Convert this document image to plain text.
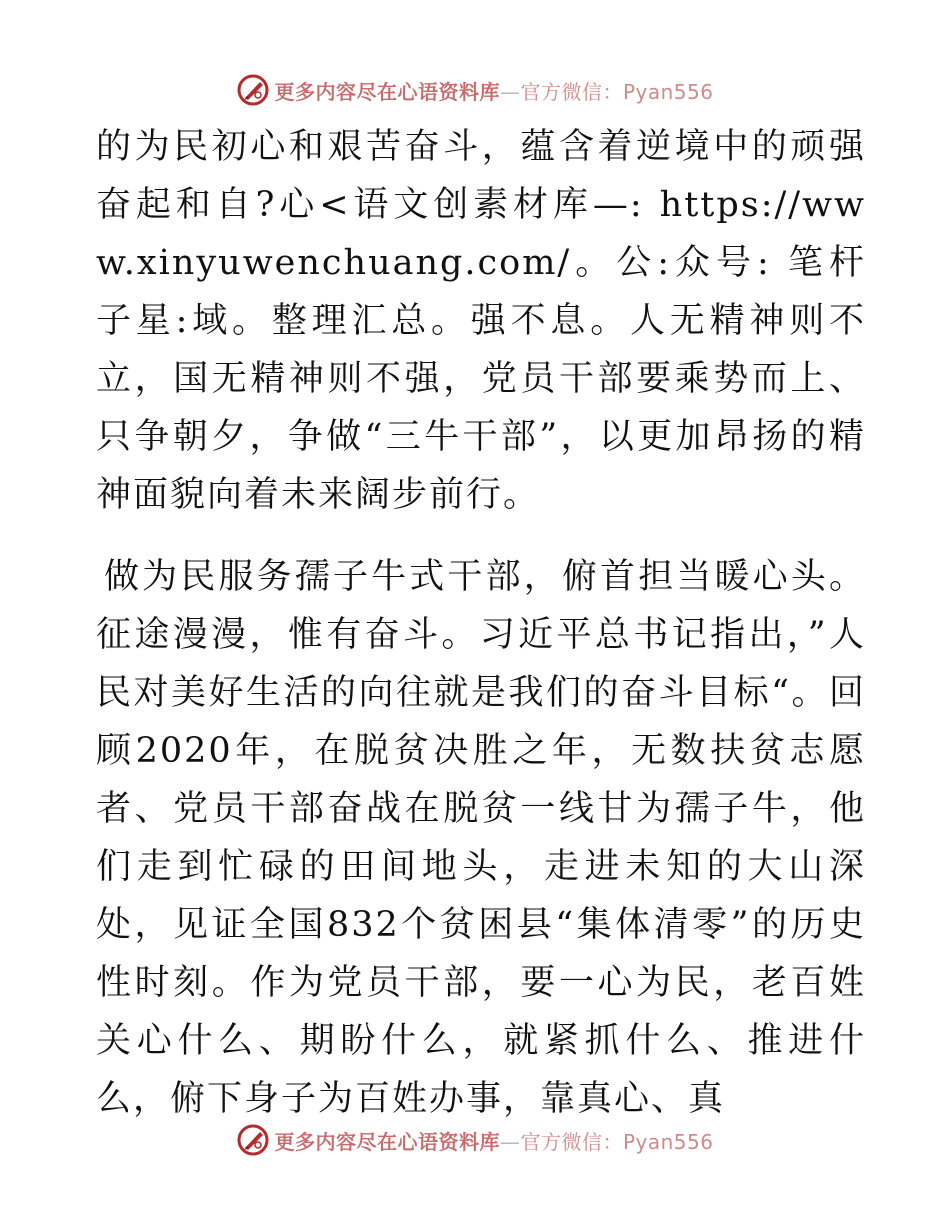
更多内容尽在心语资料库—官方微信：Pyan556

的为民初心和艰苦奋斗，蕴含着逆境中的顽强奋起和自?心<语文创素材库—: https://www.xinyuwenchuang.com/。公:众号: 笔杆子星:域。整理汇总。强不息。人无精神则不立，国无精神则不强，党员干部要乘势而上、只争朝夕，争做“三牛干部”，以更加昂扬的精神面貌向着未来阔步前行。

做为民服务孺子牛式干部，俯首担当暖心头。征途漫漫，惟有奋斗。习近平总书记指出，”人民对美好生活的向往就是我们的奋斗目标“。回顾2020年，在脱贫决胜之年，无数扶贫志愿者、党员干部奋战在脱贫一线甘为孺子牛，他们走到忙碌的田间地头，走进未知的大山深处，见证全国832个贫困县“集体清零”的历史性时刻。作为党员干部，要一心为民，老百姓关心什么、期盼什么，就紧抓什么、推进什么，俯下身子为百姓办事，靠真心、真

更多内容尽在心语资料库—官方微信：Pyan556
